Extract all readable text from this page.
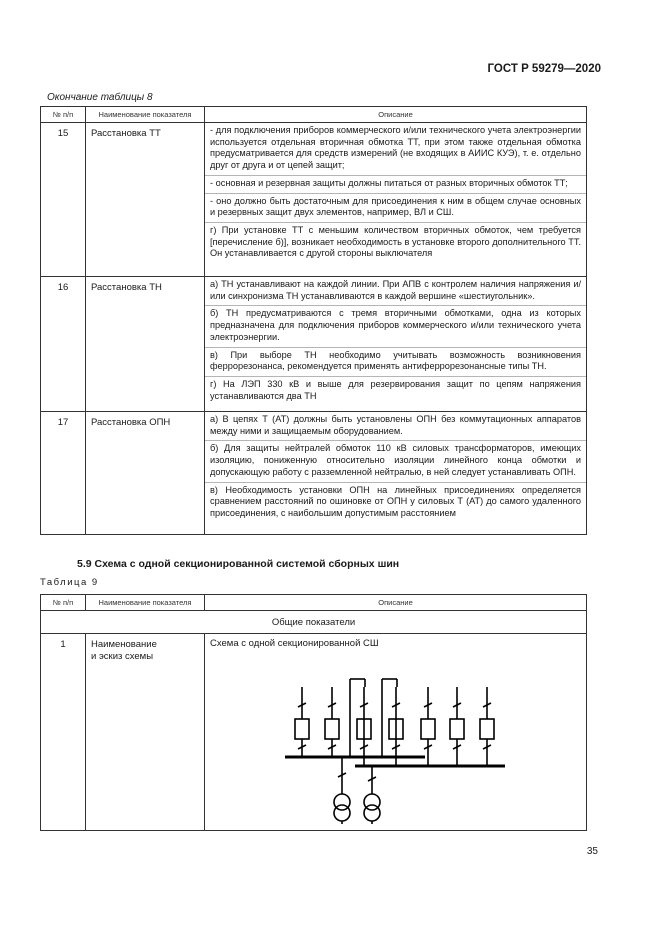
ГОСТ Р 59279—2020
Окончание таблицы 8
№ п/п	Наименование показателя	Описание
15	Расстановка ТТ	- для подключения приборов коммерческого и/или технического учета электроэнергии используется отдельная вторичная обмотка ТТ, при этом также отдельная обмотка предусматривается для средств измерений (не входящих в АИИС КУЭ), т. е. отдельно друг от друга и от цепей защит;
- основная и резервная защиты должны питаться от разных вторичных обмоток ТТ;
- оно должно быть достаточным для присоединения к ним в общем случае основных и резервных защит двух элементов, например, ВЛ и СШ.
г) При установке ТТ с меньшим количеством вторичных обмоток, чем требуется [перечисление б)], возникает необходимость в установке второго дополнительного ТТ. Он устанавливается с другой стороны выключателя

16	Расстановка ТН	а) ТН устанавливают на каждой линии. При АПВ с контролем наличия напряжения и/или синхронизма ТН устанавливаются в каждой вершине «шестиугольник».
б) ТН предусматриваются с тремя вторичными обмотками, одна из которых предназначена для подключения приборов коммерческого и/или технического учета электроэнергии.
в) При выборе ТН необходимо учитывать возможность возникновения феррорезонанса, рекомендуется применять антиферрорезонансные типы ТН.
г) На ЛЭП 330 кВ и выше для резервирования защит по цепям напряжения устанавливаются два ТН

17	Расстановка ОПН	а) В цепях Т (АТ) должны быть установлены ОПН без коммутационных аппаратов между ними и защищаемым оборудованием.
б) Для защиты нейтралей обмоток 110 кВ силовых трансформаторов, имеющих изоляцию, пониженную относительно изоляции линейного конца обмотки и допускающую работу с разземленной нейтралью, в ней следует устанавливать ОПН.
в) Необходимость установки ОПН на линейных присоединениях определяется сравнением расстояний по ошиновке от ОПН у силовых Т (АТ) до самого удаленного присоединения, с наибольшим допустимым расстоянием
5.9 Схема с одной секционированной системой сборных шин
Таблица 9
№ п/п	Наименование показателя	Описание
Общие показатели		
1	Наименование
и эскиз схемы	Схема с одной секционированной СШ
35
